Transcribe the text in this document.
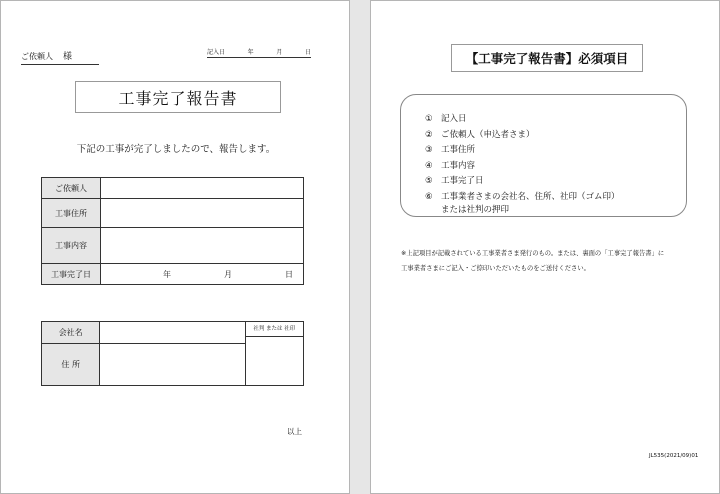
ご依頼人 様	記入日	年	月	日
工事完了報告書
下記の工事が完了しましたので、報告します。
ご依頼人	
工事住所	
工事内容	
工事完了日	年 月 日
会社名		社判 または 社印

住 所		
以上
【工事完了報告書】必須項目
① 記入日
② ご依頼人（申込者さま）
③ 工事住所
④ 工事内容
⑤ 工事完了日
⑥ 工事業者さまの会社名、住所、社印（ゴム印）
または社判の押印
※上記項目が記載されている工事業者さま発行のもの。または、裏面の「工事完了報告書」に
工事業者さまにご記入・ご捺印いただいたものをご送付ください。
JL535(2021/09)01
